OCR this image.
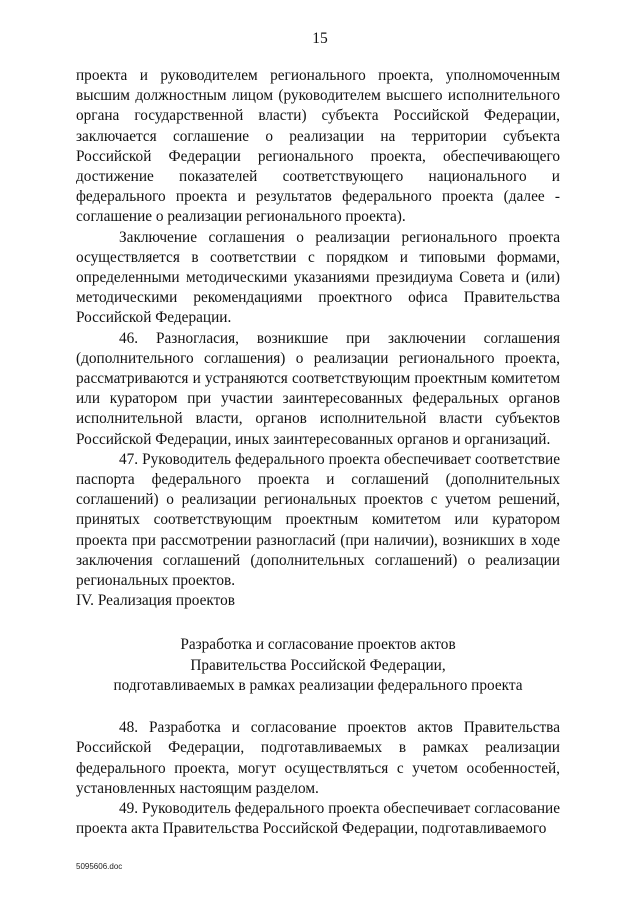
15

проекта и руководителем регионального проекта, уполномоченным высшим должностным лицом (руководителем высшего исполнительного органа государственной власти) субъекта Российской Федерации, заключается соглашение о реализации на территории субъекта Российской Федерации регионального проекта, обеспечивающего достижение показателей соответствующего национального и федерального проекта и результатов федерального проекта (далее - соглашение о реализации регионального проекта).

Заключение соглашения о реализации регионального проекта осуществляется в соответствии с порядком и типовыми формами, определенными методическими указаниями президиума Совета и (или) методическими рекомендациями проектного офиса Правительства Российской Федерации.

46. Разногласия, возникшие при заключении соглашения (дополнительного соглашения) о реализации регионального проекта, рассматриваются и устраняются соответствующим проектным комитетом или куратором при участии заинтересованных федеральных органов исполнительной власти, органов исполнительной власти субъектов Российской Федерации, иных заинтересованных органов и организаций.

47. Руководитель федерального проекта обеспечивает соответствие паспорта федерального проекта и соглашений (дополнительных соглашений) о реализации региональных проектов с учетом решений, принятых соответствующим проектным комитетом или куратором проекта при рассмотрении разногласий (при наличии), возникших в ходе заключения соглашений (дополнительных соглашений) о реализации региональных проектов.

IV. Реализация проектов

Разработка и согласование проектов актов
Правительства Российской Федерации,
подготавливаемых в рамках реализации федерального проекта

48. Разработка и согласование проектов актов Правительства Российской Федерации, подготавливаемых в рамках реализации федерального проекта, могут осуществляться с учетом особенностей, установленных настоящим разделом.

49. Руководитель федерального проекта обеспечивает согласование проекта акта Правительства Российской Федерации, подготавливаемого

5095606.doc
